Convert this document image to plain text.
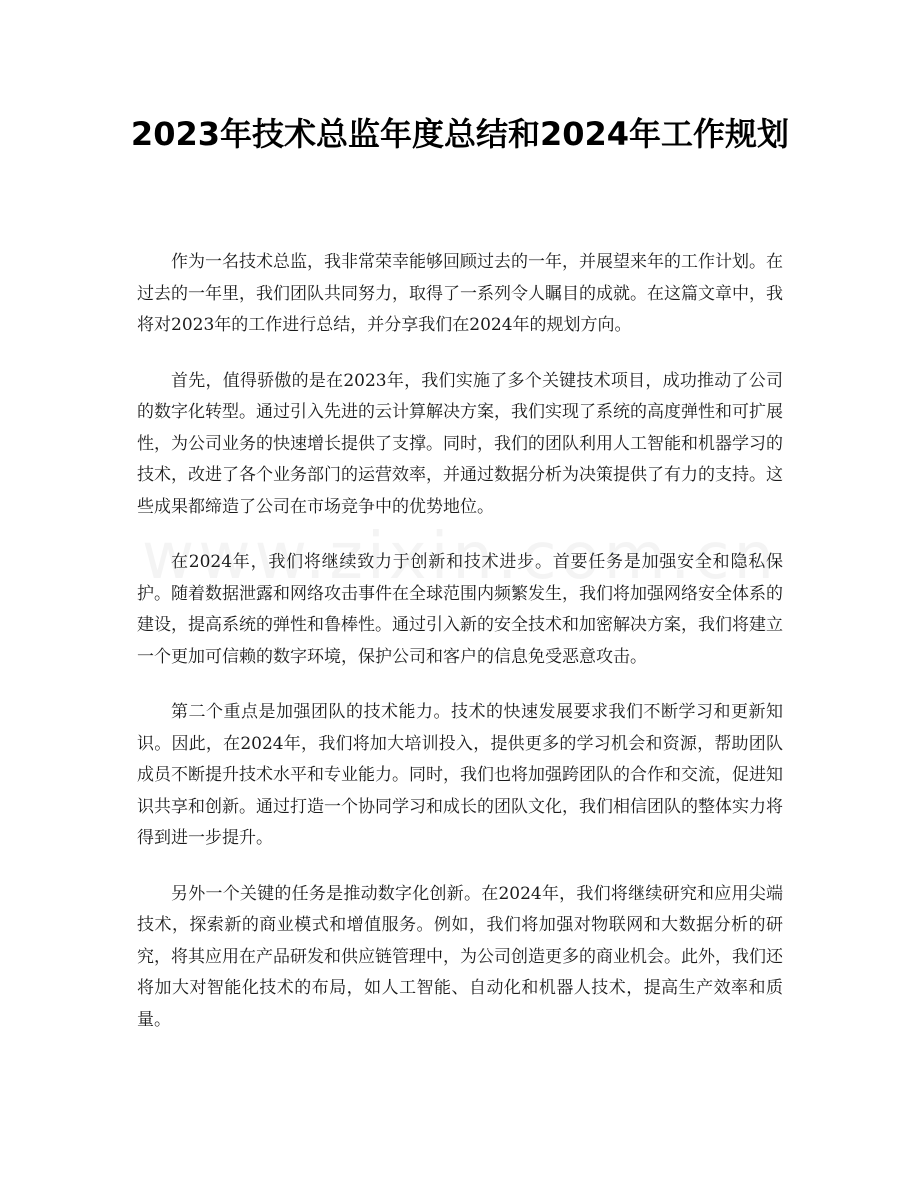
2023年技术总监年度总结和2024年工作规划

作为一名技术总监，我非常荣幸能够回顾过去的一年，并展望来年的工作计划。在过去的一年里，我们团队共同努力，取得了一系列令人瞩目的成就。在这篇文章中，我将对2023年的工作进行总结，并分享我们在2024年的规划方向。

首先，值得骄傲的是在2023年，我们实施了多个关键技术项目，成功推动了公司的数字化转型。通过引入先进的云计算解决方案，我们实现了系统的高度弹性和可扩展性，为公司业务的快速增长提供了支撑。同时，我们的团队利用人工智能和机器学习的技术，改进了各个业务部门的运营效率，并通过数据分析为决策提供了有力的支持。这些成果都缔造了公司在市场竞争中的优势地位。

在2024年，我们将继续致力于创新和技术进步。首要任务是加强安全和隐私保护。随着数据泄露和网络攻击事件在全球范围内频繁发生，我们将加强网络安全体系的建设，提高系统的弹性和鲁棒性。通过引入新的安全技术和加密解决方案，我们将建立一个更加可信赖的数字环境，保护公司和客户的信息免受恶意攻击。

第二个重点是加强团队的技术能力。技术的快速发展要求我们不断学习和更新知识。因此，在2024年，我们将加大培训投入，提供更多的学习机会和资源，帮助团队成员不断提升技术水平和专业能力。同时，我们也将加强跨团队的合作和交流，促进知识共享和创新。通过打造一个协同学习和成长的团队文化，我们相信团队的整体实力将得到进一步提升。

另外一个关键的任务是推动数字化创新。在2024年，我们将继续研究和应用尖端技术，探索新的商业模式和增值服务。例如，我们将加强对物联网和大数据分析的研究，将其应用在产品研发和供应链管理中，为公司创造更多的商业机会。此外，我们还将加大对智能化技术的布局，如人工智能、自动化和机器人技术，提高生产效率和质量。
